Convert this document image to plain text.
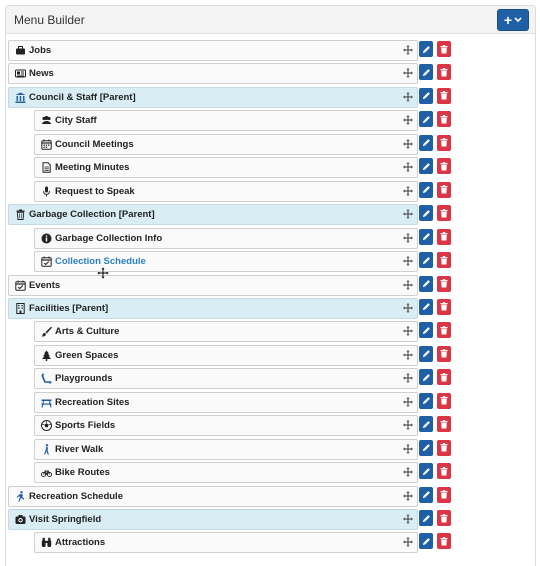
Menu Builder	+
Jobs
News
Council & Staff [Parent]
City Staff
Council Meetings
Meeting Minutes
Request to Speak
Garbage Collection [Parent]
Garbage Collection Info
Collection Schedule
Events
Facilities [Parent]
Arts & Culture
Green Spaces
Playgrounds
Recreation Sites
Sports Fields
River Walk
Bike Routes
Recreation Schedule
Visit Springfield
Attractions
